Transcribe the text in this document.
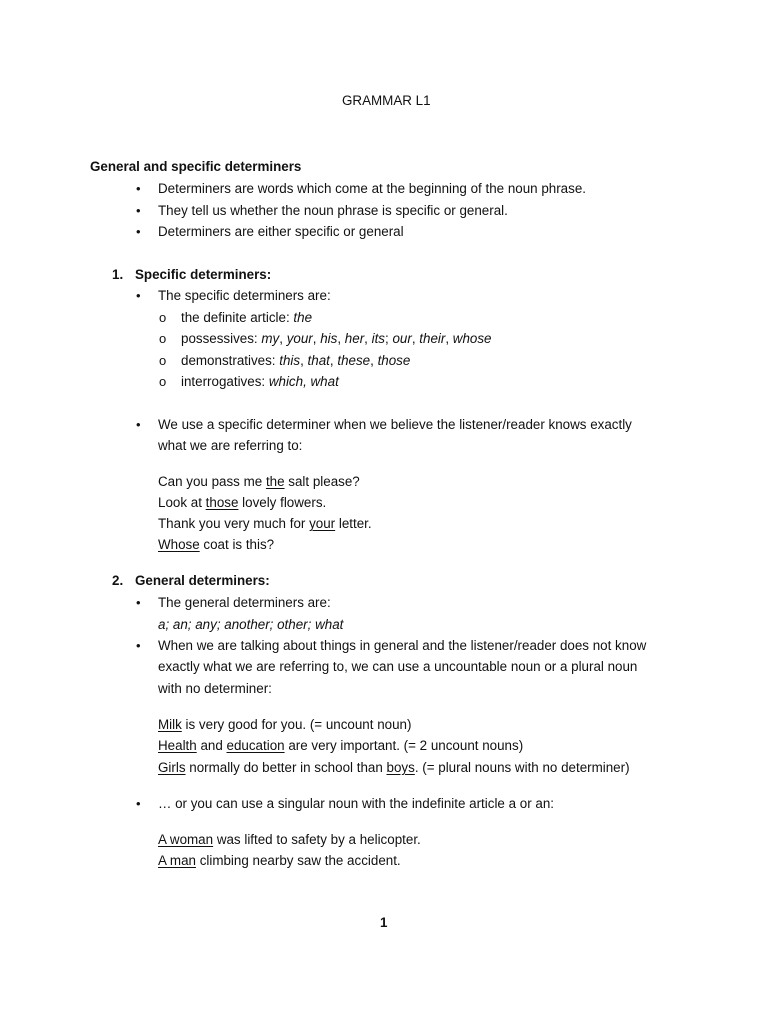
GRAMMAR L1
General and specific determiners
• Determiners are words which come at the beginning of the noun phrase.
• They tell us whether the noun phrase is specific or general.
• Determiners are either specific or general
1. Specific determiners:
• The specific determiners are:
o the definite article: the
o possessives: my, your, his, her, its; our, their, whose
o demonstratives: this, that, these, those
o interrogatives: which, what
• We use a specific determiner when we believe the listener/reader knows exactly
what we are referring to:
Can you pass me the salt please?
Look at those lovely flowers.
Thank you very much for your letter.
Whose coat is this?
2. General determiners:
• The general determiners are:
a; an; any; another; other; what
• When we are talking about things in general and the listener/reader does not know
exactly what we are referring to, we can use a uncountable noun or a plural noun
with no determiner:
Milk is very good for you. (= uncount noun)
Health and education are very important. (= 2 uncount nouns)
Girls normally do better in school than boys. (= plural nouns with no determiner)
• … or you can use a singular noun with the indefinite article a or an:
A woman was lifted to safety by a helicopter.
A man climbing nearby saw the accident.
1
